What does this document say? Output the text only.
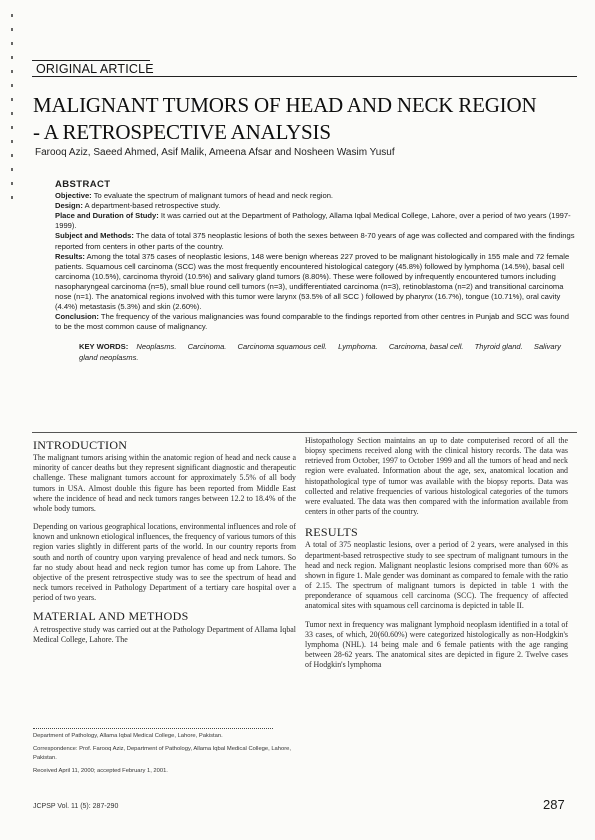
ORIGINAL ARTICLE
MALIGNANT TUMORS OF HEAD AND NECK REGION
- A RETROSPECTIVE ANALYSIS
Farooq Aziz, Saeed Ahmed, Asif Malik, Ameena Afsar and Nosheen Wasim Yusuf
ABSTRACT

Objective: To evaluate the spectrum of malignant tumors of head and neck region.

Design: A department-based retrospective study.

Place and Duration of Study: It was carried out at the Department of Pathology, Allama Iqbal Medical College, Lahore, over a period of two years (1997-1999).

Subject and Methods: The data of total 375 neoplastic lesions of both the sexes between 8-70 years of age was collected and compared with the findings reported from centers in other parts of the country.

Results: Among the total 375 cases of neoplastic lesions, 148 were benign whereas 227 proved to be malignant histologically in 155 male and 72 female patients. Squamous cell carcinoma (SCC) was the most frequently encountered histological category (45.8%) followed by lymphoma (14.5%), basal cell carcinoma (10.5%), carcinoma thyroid (10.5%) and salivary gland tumors (8.80%). These were followed by infrequently encountered tumors including nasopharyngeal carcinoma (n=5), small blue round cell tumors (n=3), undifferentiated carcinoma (n=3), retinoblastoma (n=2) and transitional carcinoma nose (n=1). The anatomical regions involved with this tumor were larynx (53.5% of all SCC ) followed by pharynx (16.7%), tongue (10.71%), oral cavity (4.4%) metastasis (5.3%) and skin (2.60%).

Conclusion: The frequency of the various malignancies was found comparable to the findings reported from other centres in Punjab and SCC was found to be the most common cause of malignancy.

KEY WORDS: Neoplasms. Carcinoma. Carcinoma squamous cell. Lymphoma. Carcinoma, basal cell. Thyroid gland. Salivary gland neoplasms.
INTRODUCTION

The malignant tumors arising within the anatomic region of head and neck cause a minority of cancer deaths but they represent significant diagnostic and therapeutic challenge. These malignant tumors account for approximately 5.5% of all body tumors in USA. Almost double this figure has been reported from Middle East where the incidence of head and neck tumors ranges between 12.2 to 18.4% of the whole body tumors.

Depending on various geographical locations, environmental influences and role of known and unknown etiological influences, the frequency of various tumors of this region varies slightly in different parts of the world. In our country reports from south and north of country upon varying prevalence of head and neck tumors. So far no study about head and neck region tumor has come up from Lahore. The objective of the present retrospective study was to see the spectrum of head and neck tumors received in Pathology Department of a tertiary care hospital over a period of two years.

MATERIAL AND METHODS

A retrospective study was carried out at the Pathology Department of Allama Iqbal Medical College, Lahore. The

Department of Pathology, Allama Iqbal Medical College, Lahore, Pakistan.

Correspondence: Prof. Farooq Aziz, Department of Pathology, Allama Iqbal Medical College, Lahore, Pakistan.

Received April 11, 2000; accepted February 1, 2001.

Histopathology Section maintains an up to date computerised record of all the biopsy specimens received along with the clinical history records. The data was retrieved from October, 1997 to October 1999 and all the tumors of head and neck region were evaluated. Information about the age, sex, anatomical location and histopathological type of tumor was available with the biopsy reports. Data was collected and relative frequencies of various histological categories of the tumors were evaluated. The data was then compared with the information available from centers in other parts of the country.

RESULTS

A total of 375 neoplastic lesions, over a period of 2 years, were analysed in this department-based retrospective study to see spectrum of malignant tumours in the head and neck region. Malignant neoplastic lesions comprised more than 60% as shown in figure 1. Male gender was dominant as compared to female with the ratio of 2.15. The spectrum of malignant tumors is depicted in table 1 with the preponderance of squamous cell carcinoma (SCC). The frequency of affected anatomical sites with squamous cell carcinoma is depicted in table II.

Tumor next in frequency was malignant lymphoid neoplasm identified in a total of 33 cases, of which, 20(60.60%) were categorized histologically as non-Hodgkin's lymphoma (NHL). 14 being male and 6 female patients with the age ranging between 28-62 years. The anatomical sites are depicted in figure 2. Twelve cases of Hodgkin's lymphoma

JCPSP Vol. 11 (5): 287-290	287
